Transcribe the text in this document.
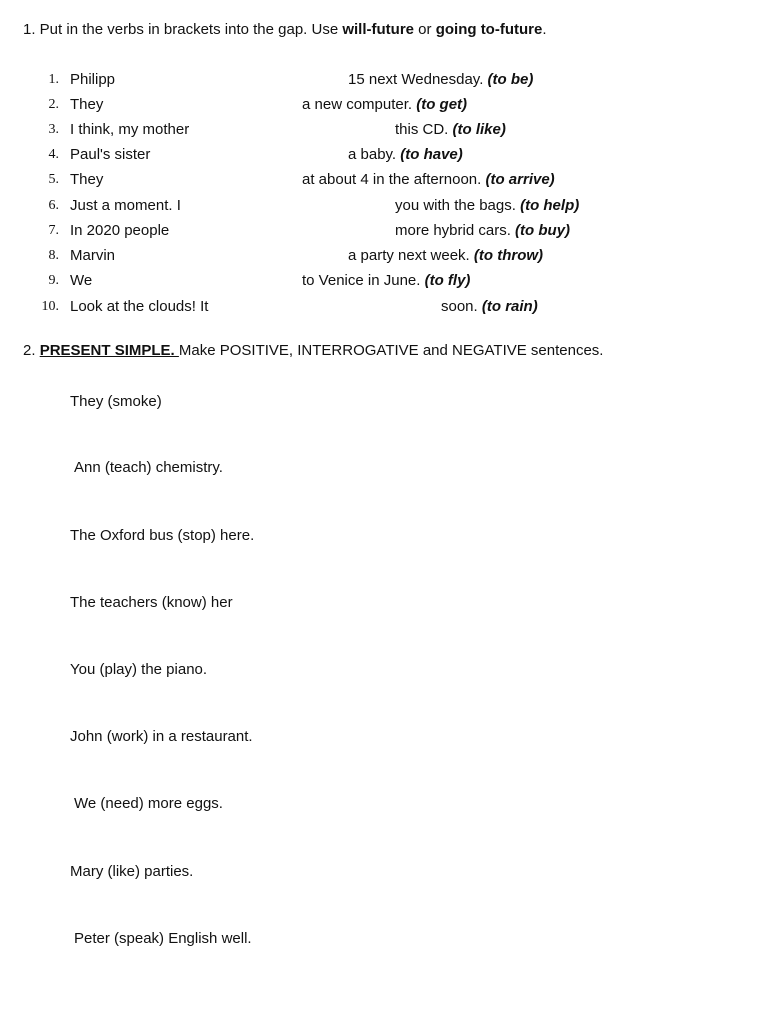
1. Put in the verbs in brackets into the gap. Use will-future or going to-future.
1. Philipp	15 next Wednesday. (to be)
2. They	a new computer. (to get)
3. I think, my mother	this CD. (to like)
4. Paul's sister	a baby. (to have)
5. They	at about 4 in the afternoon. (to arrive)
6. Just a moment. I	you with the bags. (to help)
7. In 2020 people	more hybrid cars. (to buy)
8. Marvin	a party next week. (to throw)
9. We	to Venice in June. (to fly)
10. Look at the clouds! It	soon. (to rain)
2. PRESENT SIMPLE. Make POSITIVE, INTERROGATIVE and NEGATIVE sentences.
They (smoke)
Ann (teach) chemistry.
The Oxford bus (stop) here.
The teachers (know) her
You (play) the piano.
John (work) in a restaurant.
We (need) more eggs.
Mary (like) parties.
Peter (speak) English well.
